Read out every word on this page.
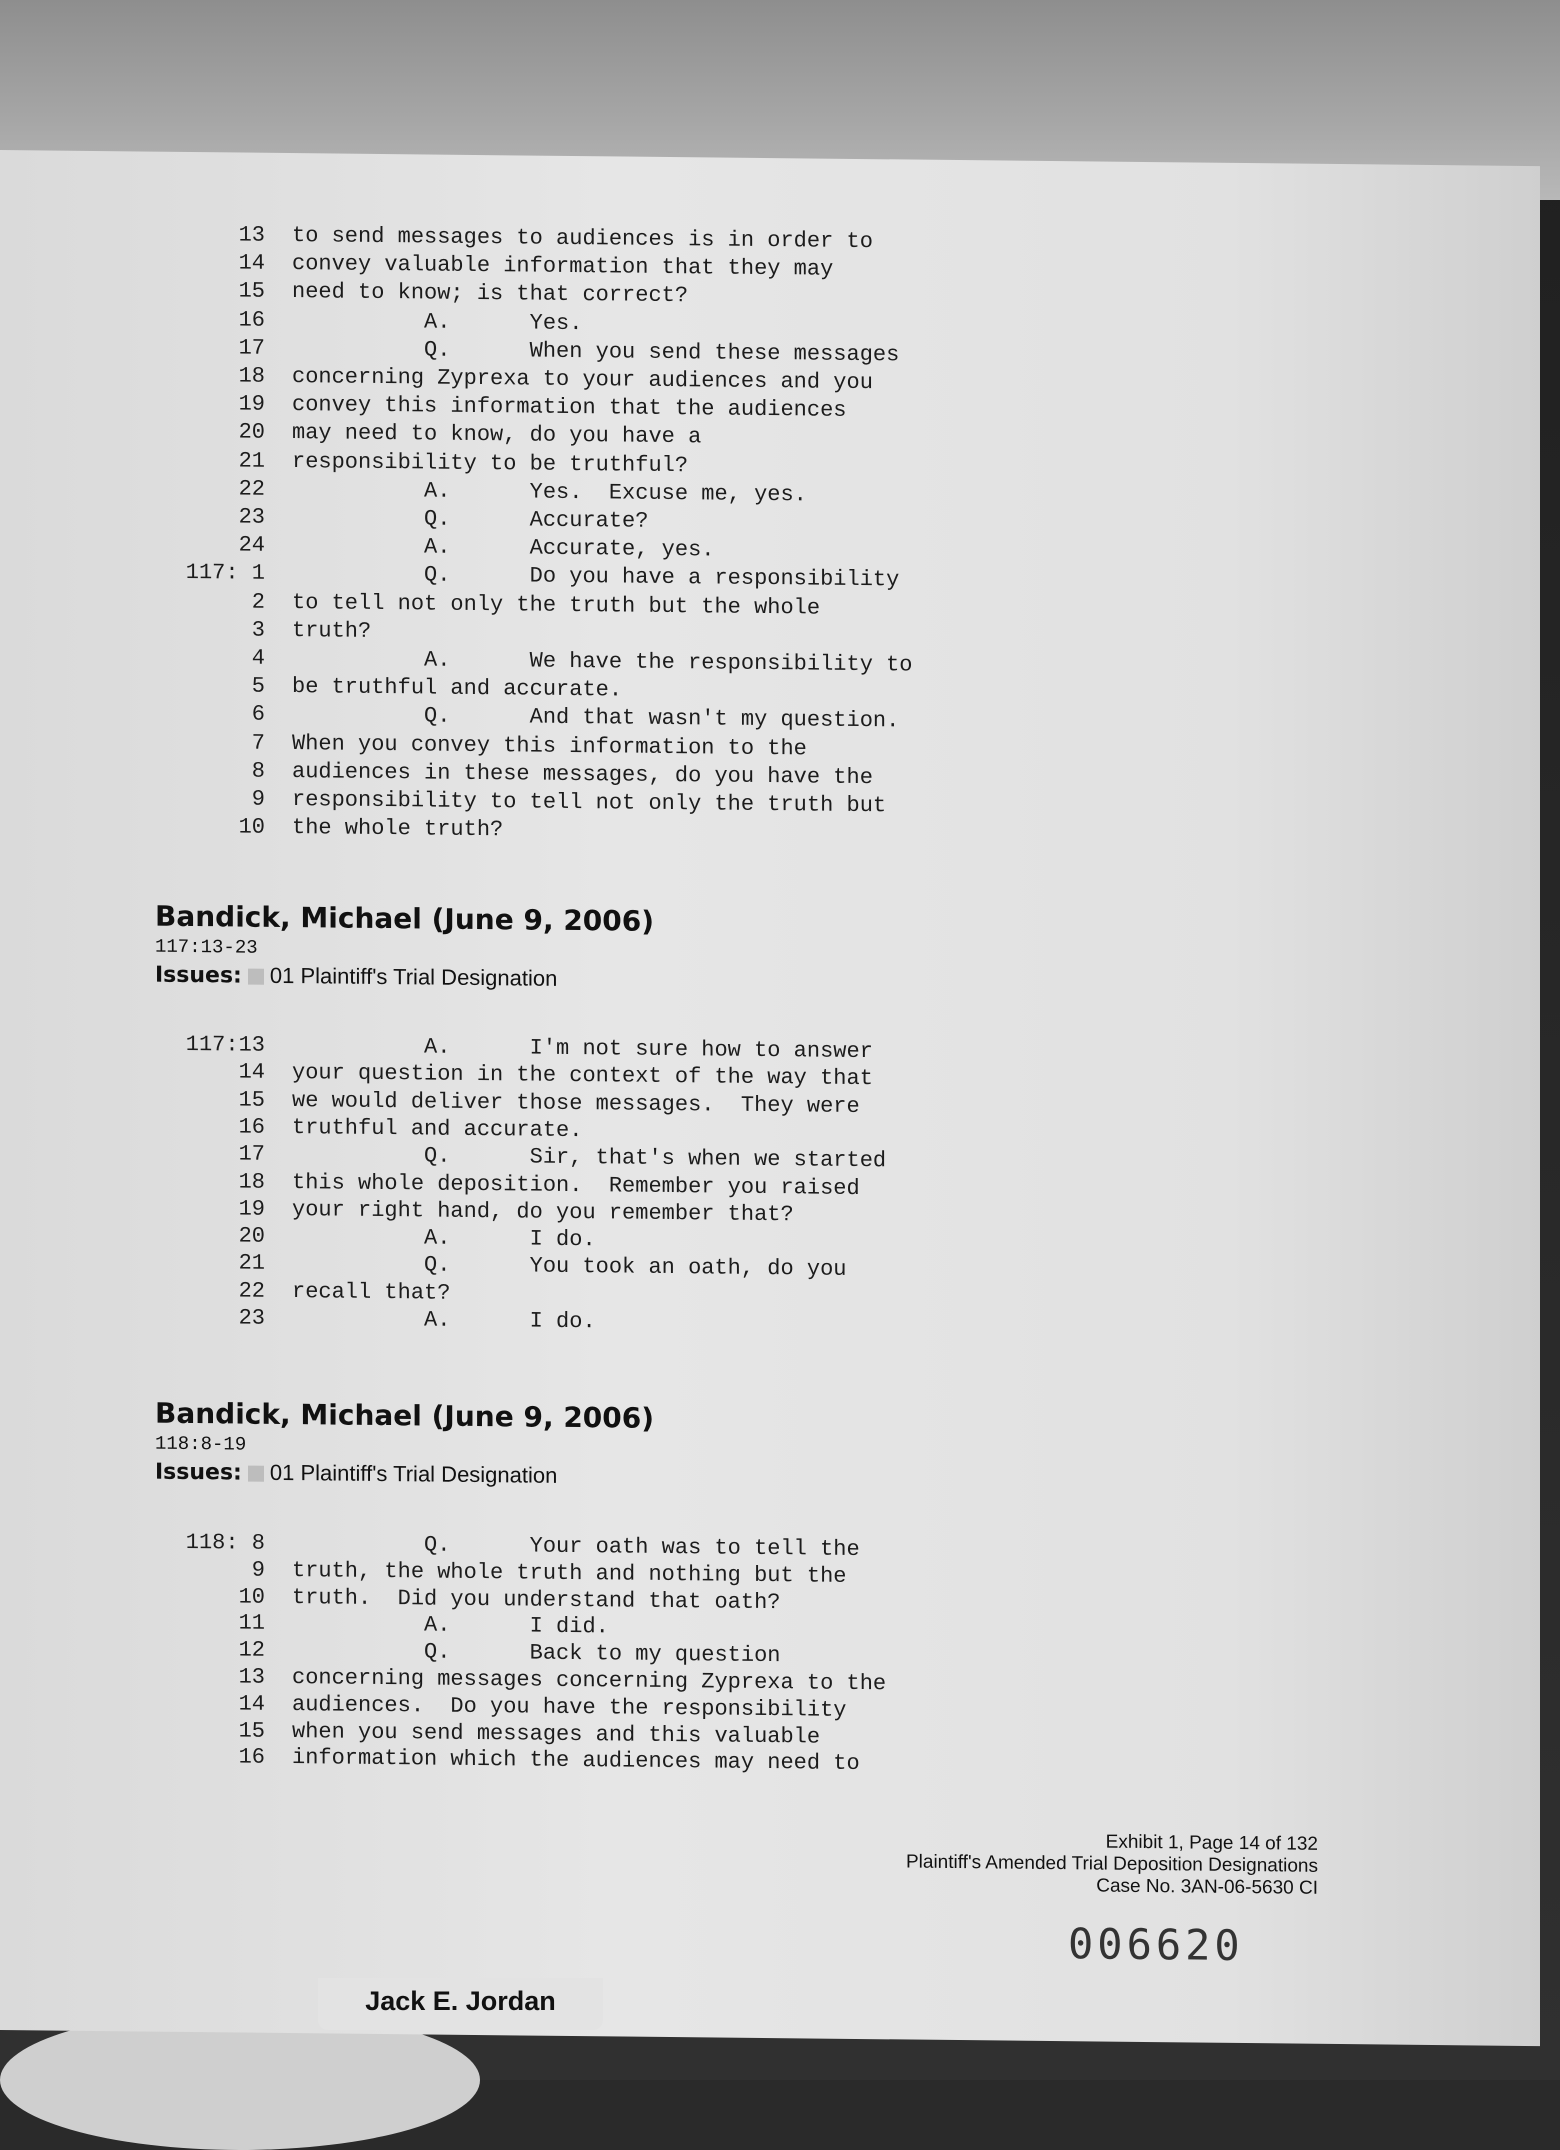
13 to send messages to audiences is in order to
14 convey valuable information that they may
15 need to know; is that correct?
16 A.      Yes.
17 Q.      When you send these messages
18 concerning Zyprexa to your audiences and you
19 convey this information that the audiences
20 may need to know, do you have a
21 responsibility to be truthful?
22 A.      Yes.  Excuse me, yes.
23 Q.      Accurate?
24 A.      Accurate, yes.
117: 1 Q.      Do you have a responsibility
2 to tell not only the truth but the whole
3 truth?
4 A.      We have the responsibility to
5 be truthful and accurate.
6 Q.      And that wasn't my question.
7 When you convey this information to the
8 audiences in these messages, do you have the
9 responsibility to tell not only the truth but
10 the whole truth?
Bandick, Michael (June 9, 2006)
117:13-23
Issues: 01 Plaintiff's Trial Designation
117:13 A.      I'm not sure how to answer
14 your question in the context of the way that
15 we would deliver those messages.  They were
16 truthful and accurate.
17 Q.      Sir, that's when we started
18 this whole deposition.  Remember you raised
19 your right hand, do you remember that?
20 A.      I do.
21 Q.      You took an oath, do you
22 recall that?
23 A.      I do.
Bandick, Michael (June 9, 2006)
118:8-19
Issues: 01 Plaintiff's Trial Designation
118: 8 Q.      Your oath was to tell the
9 truth, the whole truth and nothing but the
10 truth.  Did you understand that oath?
11 A.      I did.
12 Q.      Back to my question
13 concerning messages concerning Zyprexa to the
14 audiences.  Do you have the responsibility
15 when you send messages and this valuable
16 information which the audiences may need to
Exhibit 1, Page 14 of 132
Plaintiff's Amended Trial Deposition Designations
Case No. 3AN-06-5630 CI
006620
Jack E. Jordan
